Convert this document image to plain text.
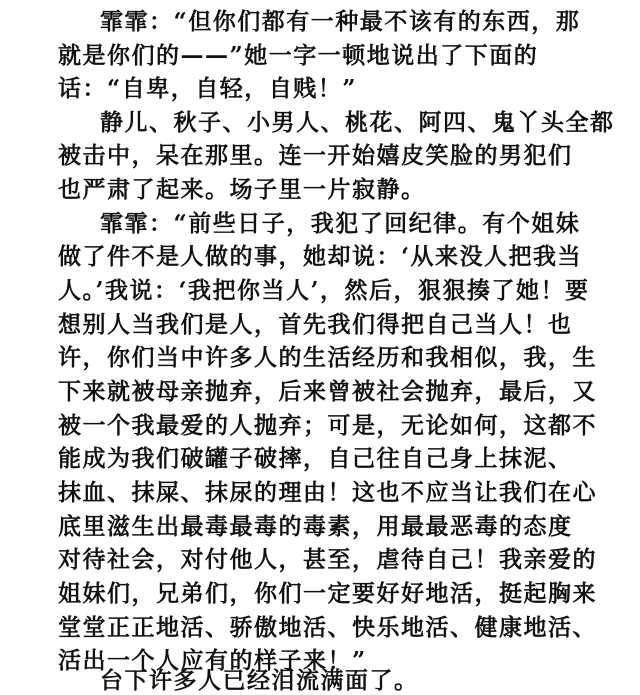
霏霏：“但你们都有一种最不该有的东西，那
就是你们的——”她一字一顿地说出了下面的
话：“自卑，自轻，自贱！”
静儿、秋子、小男人、桃花、阿四、鬼丫头全都
被击中，呆在那里。连一开始嬉皮笑脸的男犯们
也严肃了起来。场子里一片寂静。
霏霏：“前些日子，我犯了回纪律。有个姐妹
做了件不是人做的事，她却说：‘从来没人把我当
人。’我说：‘我把你当人’，然后，狠狠揍了她！要
想别人当我们是人，首先我们得把自己当人！也
许，你们当中许多人的生活经历和我相似，我，生
下来就被母亲抛弃，后来曾被社会抛弃，最后，又
被一个我最爱的人抛弃；可是，无论如何，这都不
能成为我们破罐子破摔，自己往自己身上抹泥、
抹血、抹屎、抹尿的理由！这也不应当让我们在心
底里滋生出最毒最毒的毒素，用最最恶毒的态度
对待社会，对付他人，甚至，虐待自己！我亲爱的
姐妹们，兄弟们，你们一定要好好地活，挺起胸来
堂堂正正地活、骄傲地活、快乐地活、健康地活、
活出一个人应有的样子来！”
台下许多人已经泪流满面了。
